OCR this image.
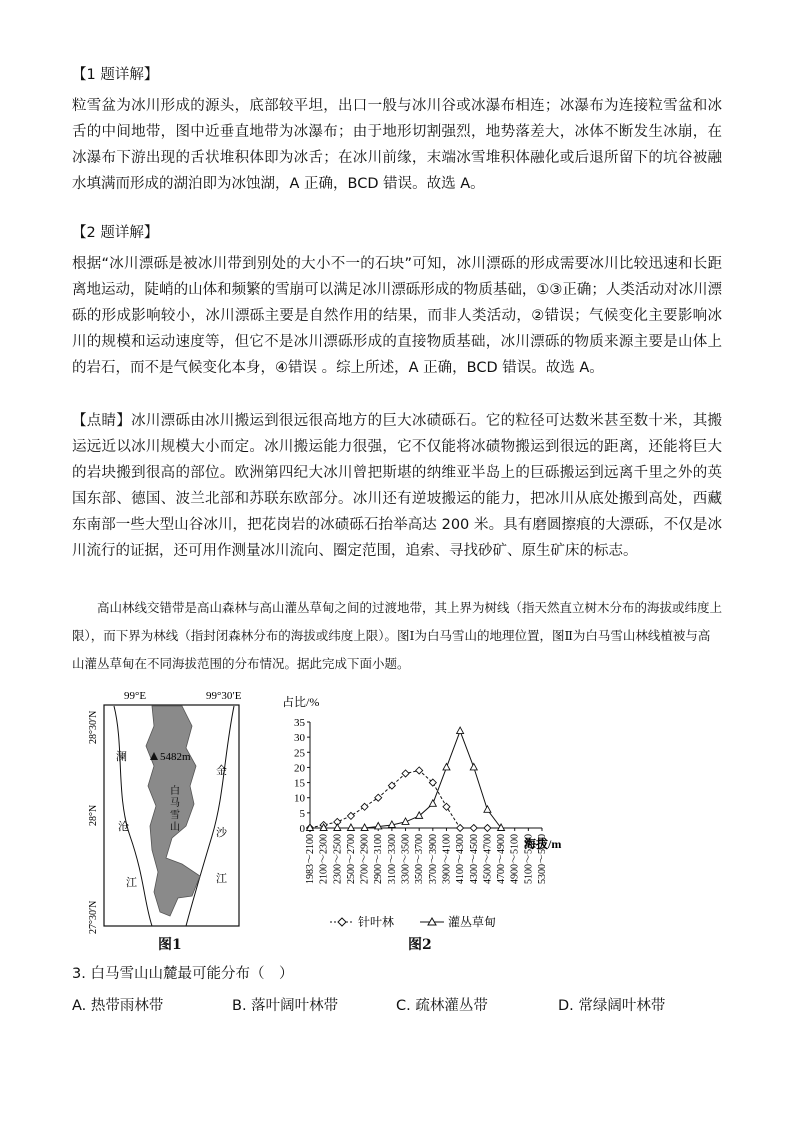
【1 题详解】

粒雪盆为冰川形成的源头，底部较平坦，出口一般与冰川谷或冰瀑布相连；冰瀑布为连接粒雪盆和冰舌的中间地带，图中近垂直地带为冰瀑布；由于地形切割强烈，地势落差大，冰体不断发生冰崩，在冰瀑布下游出现的舌状堆积体即为冰舌；在冰川前缘，末端冰雪堆积体融化或后退所留下的坑谷被融水填满而形成的湖泊即为冰蚀湖，A 正确，BCD 错误。故选 A。

【2 题详解】

根据“冰川漂砾是被冰川带到别处的大小不一的石块”可知，冰川漂砾的形成需要冰川比较迅速和长距离地运动，陡峭的山体和频繁的雪崩可以满足冰川漂砾形成的物质基础，①③正确；人类活动对冰川漂砾的形成影响较小，冰川漂砾主要是自然作用的结果，而非人类活动，②错误；气候变化主要影响冰川的规模和运动速度等，但它不是冰川漂砾形成的直接物质基础，冰川漂砾的物质来源主要是山体上的岩石，而不是气候变化本身，④错误 。综上所述，A 正确，BCD 错误。故选 A。

【点睛】冰川漂砾由冰川搬运到很远很高地方的巨大冰碛砾石。它的粒径可达数米甚至数十米，其搬运远近以冰川规模大小而定。冰川搬运能力很强，它不仅能将冰碛物搬运到很远的距离，还能将巨大的岩块搬到很高的部位。欧洲第四纪大冰川曾把斯堪的纳维亚半岛上的巨砾搬运到远离千里之外的英国东部、德国、波兰北部和苏联东欧部分。冰川还有逆坡搬运的能力，把冰川从底处搬到高处，西藏东南部一些大型山谷冰川，把花岗岩的冰碛砾石抬举高达 200 米。具有磨圆擦痕的大漂砾，不仅是冰川流行的证据，还可用作测量冰川流向、圈定范围，追索、寻找砂矿、原生矿床的标志。

高山林线交错带是高山森林与高山灌丛草甸之间的过渡地带，其上界为树线（指天然直立树木分布的海拔或纬度上限），而下界为林线（指封闭森林分布的海拔或纬度上限）。图Ⅰ为白马雪山的地理位置，图Ⅱ为白马雪山林线植被与高山灌丛草甸在不同海拔范围的分布情况。据此完成下面小题。

99°E	99°30′E
28°30′N
28°N
27°30′N
5482m
白
马
雪
山
澜
沧
江
金
沙
江
图1
占比/%
0
5
10
15
20
25
30
35
1983～2100 2100～2300 2300～2500 2500～2700 2700～2900 2900～3100 3100～3300 3300～3500 3500～3700 3700～3900 3900～4100 4100～4300 4300～4500 4500～4700 4700～4900 4900～5100 5100～5300 5300～5500
海拔/m
针叶林	灌丛草甸
图2
3. 白马雪山山麓最可能分布（　）
A. 热带雨林带	B. 落叶阔叶林带	C. 疏林灌丛带	D. 常绿阔叶林带
